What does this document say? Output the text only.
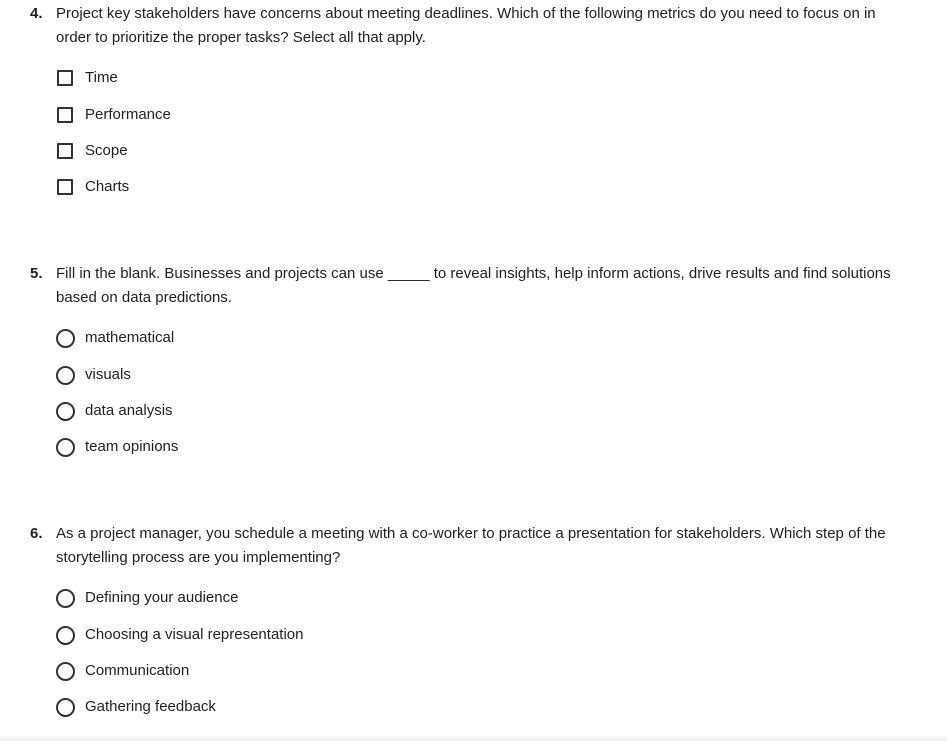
4. Project key stakeholders have concerns about meeting deadlines. Which of the following metrics do you need to focus on in order to prioritize the proper tasks? Select all that apply.
Time
Performance
Scope
Charts
5. Fill in the blank. Businesses and projects can use _____ to reveal insights, help inform actions, drive results and find solutions based on data predictions.
mathematical
visuals
data analysis
team opinions
6. As a project manager, you schedule a meeting with a co-worker to practice a presentation for stakeholders. Which step of the storytelling process are you implementing?
Defining your audience
Choosing a visual representation
Communication
Gathering feedback
